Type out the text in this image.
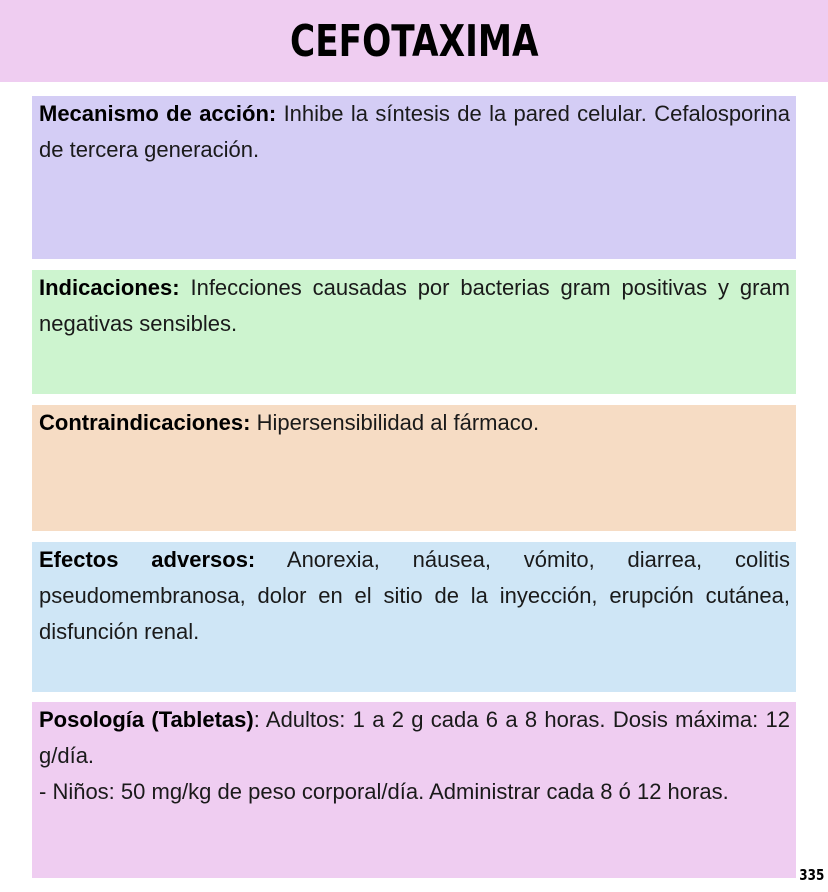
CEFOTAXIMA
Mecanismo de acción: Inhibe la síntesis de la pared celular. Cefalosporina de tercera generación.
Indicaciones: Infecciones causadas por bacterias gram positivas y gram negativas sensibles.
Contraindicaciones: Hipersensibilidad al fármaco.
Efectos adversos: Anorexia, náusea, vómito, diarrea, colitis pseudomembranosa, dolor en el sitio de la inyección, erupción cutánea, disfunción renal.
Posología (Tabletas): Adultos: 1 a 2 g cada 6 a 8 horas. Dosis máxima: 12 g/día.
- Niños: 50 mg/kg de peso corporal/día. Administrar cada 8 ó 12 horas.
335
